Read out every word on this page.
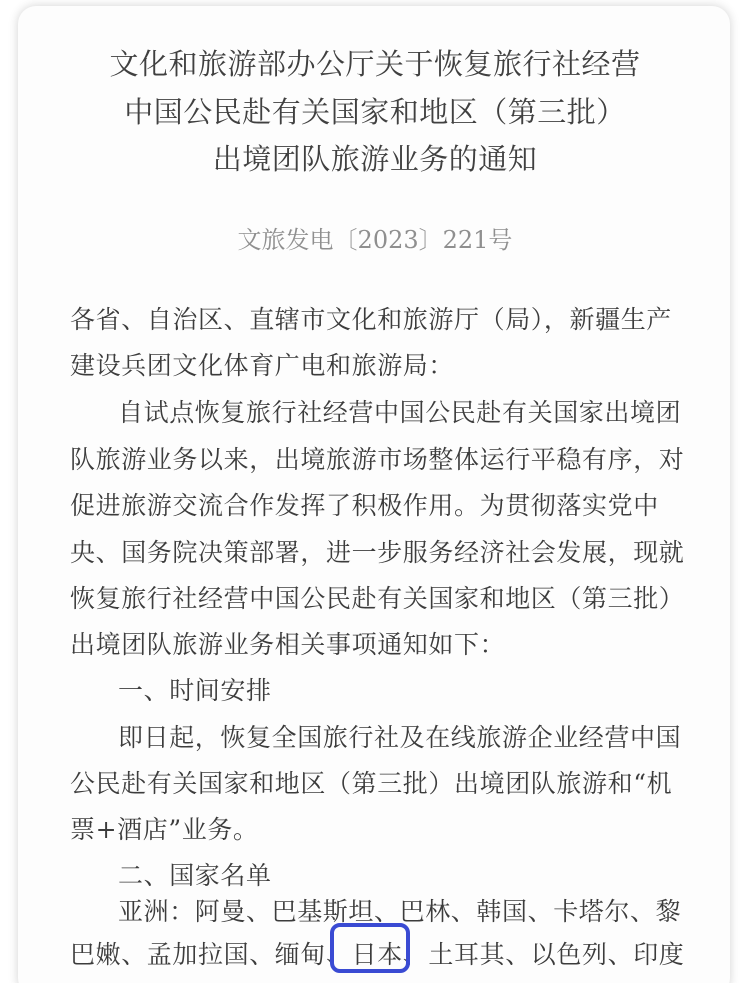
文化和旅游部办公厅关于恢复旅行社经营
中国公民赴有关国家和地区（第三批）
出境团队旅游业务的通知
文旅发电〔2023〕221号
各省、自治区、直辖市文化和旅游厅（局），新疆生产
建设兵团文化体育广电和旅游局：
自试点恢复旅行社经营中国公民赴有关国家出境团
队旅游业务以来，出境旅游市场整体运行平稳有序，对
促进旅游交流合作发挥了积极作用。为贯彻落实党中
央、国务院决策部署，进一步服务经济社会发展，现就
恢复旅行社经营中国公民赴有关国家和地区（第三批）
出境团队旅游业务相关事项通知如下：
一、时间安排
即日起，恢复全国旅行社及在线旅游企业经营中国
公民赴有关国家和地区（第三批）出境团队旅游和“机
票+酒店”业务。
二、国家名单
亚洲：阿曼、巴基斯坦、巴林、韩国、卡塔尔、黎
巴嫩、孟加拉国、缅甸、日本、土耳其、以色列、印度
